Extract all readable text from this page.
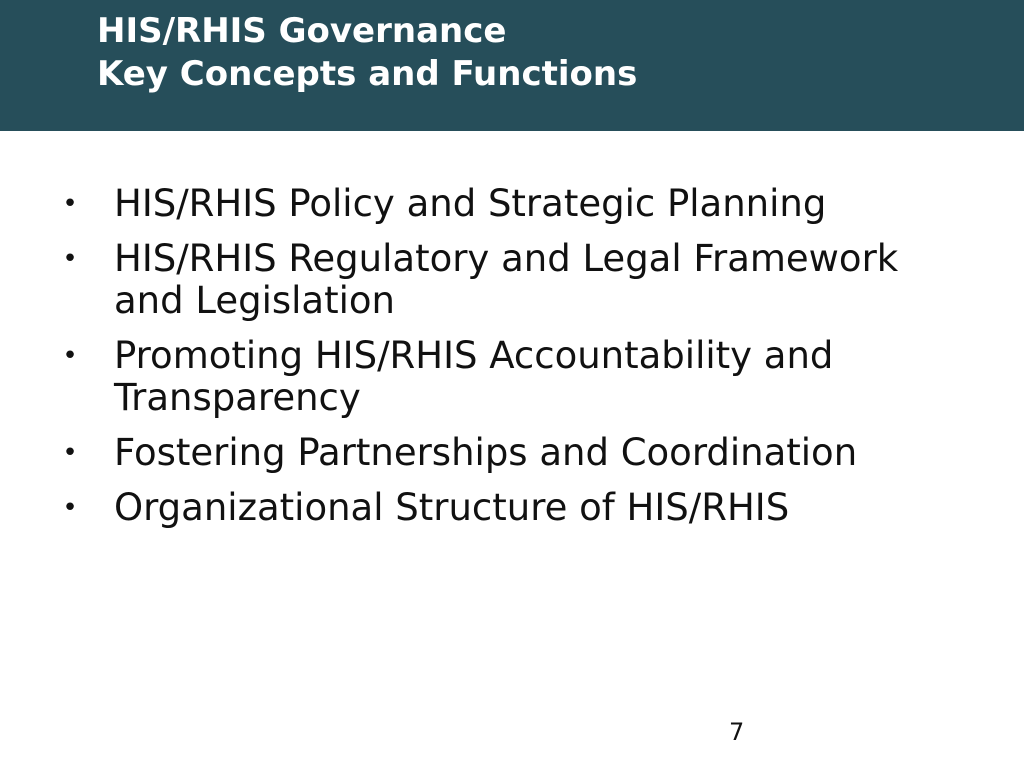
HIS/RHIS Governance
Key Concepts and Functions
• HIS/RHIS Policy and Strategic Planning
• HIS/RHIS Regulatory and Legal Framework and Legislation
• Promoting HIS/RHIS Accountability and Transparency
• Fostering Partnerships and Coordination
• Organizational Structure of HIS/RHIS
7
